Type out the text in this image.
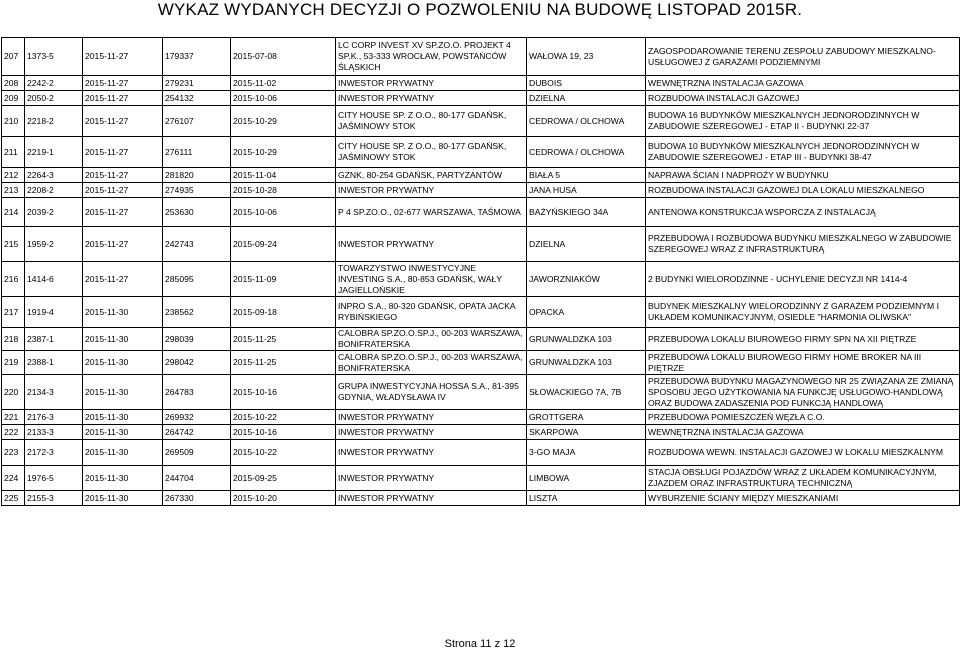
WYKAZ WYDANYCH DECYZJI O POZWOLENIU NA BUDOWĘ LISTOPAD 2015R.
207	1373-5	2015-11-27	179337	2015-07-08	LC CORP INVEST XV SP.ZO.O. PROJEKT 4 SP.K., 53-333 WROCŁAW, POWSTAŃCÓW ŚLĄSKICH	WAŁOWA 19, 23	ZAGOSPODAROWANIE TERENU ZESPOŁU ZABUDOWY MIESZKALNO-USŁUGOWEJ Z GARAŻAMI PODZIEMNYMI
208	2242-2	2015-11-27	279231	2015-11-02	INWESTOR PRYWATNY	DUBOIS	WEWNĘTRZNA INSTALACJA GAZOWA
209	2050-2	2015-11-27	254132	2015-10-06	INWESTOR PRYWATNY	DZIELNA	ROZBUDOWA INSTALACJI GAZOWEJ
210	2218-2	2015-11-27	276107	2015-10-29	CITY HOUSE SP. Z O.O., 80-177 GDAŃSK, JAŚMINOWY STOK	CEDROWA / OLCHOWA	BUDOWA 16 BUDYNKÓW MIESZKALNYCH JEDNORODZINNYCH W ZABUDOWIE SZEREGOWEJ - ETAP II - BUDYNKI 22-37
211	2219-1	2015-11-27	276111	2015-10-29	CITY HOUSE SP. Z O.O., 80-177 GDAŃSK, JAŚMINOWY STOK	CEDROWA / OLCHOWA	BUDOWA 10 BUDYNKÓW MIESZKALNYCH JEDNORODZINNYCH W ZABUDOWIE SZEREGOWEJ - ETAP III - BUDYNKI 38-47
212	2264-3	2015-11-27	281820	2015-11-04	GZNK, 80-254 GDAŃSK, PARTYZANTÓW	BIAŁA 5	NAPRAWA ŚCIAN I NADPROŻY W BUDYNKU
213	2208-2	2015-11-27	274935	2015-10-28	INWESTOR PRYWATNY	JANA HUSA	ROZBUDOWA INSTALACJI GAZOWEJ DLA LOKALU MIESZKALNEGO
214	2039-2	2015-11-27	253630	2015-10-06	P 4 SP.ZO.O., 02-677 WARSZAWA, TAŚMOWA	BAŻYŃSKIEGO 34A	ANTENOWA KONSTRUKCJA WSPORCZA Z INSTALACJĄ
215	1959-2	2015-11-27	242743	2015-09-24	INWESTOR PRYWATNY	DZIELNA	PRZEBUDOWA I ROZBUDOWA BUDYNKU MIESZKALNEGO W ZABUDOWIE SZEREGOWEJ WRAZ Z INFRASTRUKTURĄ
216	1414-6	2015-11-27	285095	2015-11-09	TOWARZYSTWO INWESTYCYJNE INVESTING S.A., 80-853 GDAŃSK, WAŁY JAGIELLOŃSKIE	JAWORZNIAKÓW	2 BUDYNKI WIELORODZINNE - UCHYLENIE DECYZJI NR 1414-4
217	1919-4	2015-11-30	238562	2015-09-18	INPRO S.A., 80-320 GDAŃSK, OPATA JACKA RYBIŃSKIEGO	OPACKA	BUDYNEK MIESZKALNY WIELORODZINNY Z GARAŻEM PODZIEMNYM I UKŁADEM KOMUNIKACYJNYM, OSIEDLE "HARMONIA OLIWSKA"
218	2387-1	2015-11-30	298039	2015-11-25	CALOBRA SP.ZO.O.SP.J., 00-203 WARSZAWA, BONIFRATERSKA	GRUNWALDZKA 103	PRZEBUDOWA LOKALU BIUROWEGO FIRMY SPN NA XII PIĘTRZE
219	2388-1	2015-11-30	298042	2015-11-25	CALOBRA SP.ZO.O.SP.J., 00-203 WARSZAWA, BONIFRATERSKA	GRUNWALDZKA 103	PRZEBUDOWA LOKALU BIUROWEGO FIRMY HOME BROKER NA III PIĘTRZE
220	2134-3	2015-11-30	264783	2015-10-16	GRUPA INWESTYCYJNA HOSSA S.A., 81-395 GDYNIA, WŁADYSŁAWA IV	SŁOWACKIEGO 7A, 7B	PRZEBUDOWA BUDYNKU MAGAZYNOWEGO NR 25 ZWIĄZANA ZE ZMIANĄ SPOSOBU JEGO UŻYTKOWANIA NA FUNKCJĘ USŁUGOWO-HANDLOWĄ ORAZ BUDOWA ZADASZENIA POD FUNKCJĄ HANDLOWĄ
221	2176-3	2015-11-30	269932	2015-10-22	INWESTOR PRYWATNY	GROTTGERA	PRZEBUDOWA POMIESZCZEŃ WĘZŁA C.O.
222	2133-3	2015-11-30	264742	2015-10-16	INWESTOR PRYWATNY	SKARPOWA	WEWNĘTRZNA INSTALACJA GAZOWA
223	2172-3	2015-11-30	269509	2015-10-22	INWESTOR PRYWATNY	3-GO MAJA	ROZBUDOWA WEWN. INSTALACJI GAZOWEJ W LOKALU MIESZKALNYM
224	1976-5	2015-11-30	244704	2015-09-25	INWESTOR PRYWATNY	LIMBOWA	STACJA OBSŁUGI POJAZDÓW WRAZ Z UKŁADEM KOMUNIKACYJNYM, ZJAZDEM ORAZ INFRASTRUKTURĄ TECHNICZNĄ
225	2155-3	2015-11-30	267330	2015-10-20	INWESTOR PRYWATNY	LISZTA	WYBURZENIE ŚCIANY MIĘDZY MIESZKANIAMI
Strona 11 z 12
